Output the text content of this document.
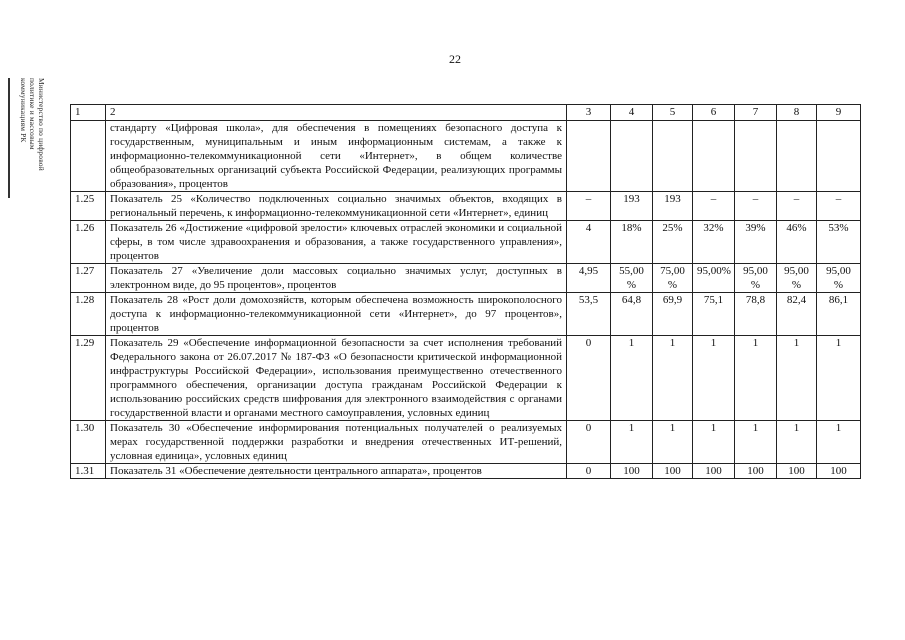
22
Министерство по цифровой
политике и массовым
коммуникациям РК	1	2	3	4	5	6	7	8	9
	стандарту «Цифровая школа», для обеспечения в помещениях безопасного доступа к государственным, муниципальным и иным информационным системам, а также к информационно-телекоммуникационной сети «Интернет», в общем количестве общеобразовательных организаций субъекта Российской Федерации, реализующих программы образования», процентов							
1.25	Показатель 25 «Количество подключенных социально значимых объектов, входящих в региональный перечень, к информационно-телекоммуникационной сети «Интернет», единиц	–	193	193	–	–	–	–
1.26	Показатель 26 «Достижение «цифровой зрелости» ключевых отраслей экономики и социальной сферы, в том числе здравоохранения и образования, а также государственного управления», процентов	4	18%	25%	32%	39%	46%	53%
1.27	Показатель 27 «Увеличение доли массовых социально значимых услуг, доступных в электронном виде, до 95 процентов», процентов	4,95	55,00 %	75,00 %	95,00%	95,00 %	95,00 %	95,00 %
1.28	Показатель 28 «Рост доли домохозяйств, которым обеспечена возможность широкополосного доступа к информационно-телекоммуникационной сети «Интернет», до 97 процентов», процентов	53,5	64,8	69,9	75,1	78,8	82,4	86,1
1.29	Показатель 29 «Обеспечение информационной безопасности за счет исполнения требований Федерального закона от 26.07.2017 № 187-ФЗ «О безопасности критической информационной инфраструктуры Российской Федерации», использования преимущественно отечественного программного обеспечения, организации доступа гражданам Российской Федерации к использованию российских средств шифрования для электронного взаимодействия с органами государственной власти и органами местного самоуправления, условных единиц	0	1	1	1	1	1	1
1.30	Показатель 30 «Обеспечение информирования потенциальных получателей о реализуемых мерах государственной поддержки разработки и внедрения отечественных ИТ-решений, условная единица», условных единиц	0	1	1	1	1	1	1
1.31	Показатель 31 «Обеспечение деятельности центрального аппарата», процентов	0	100	100	100	100	100	100
